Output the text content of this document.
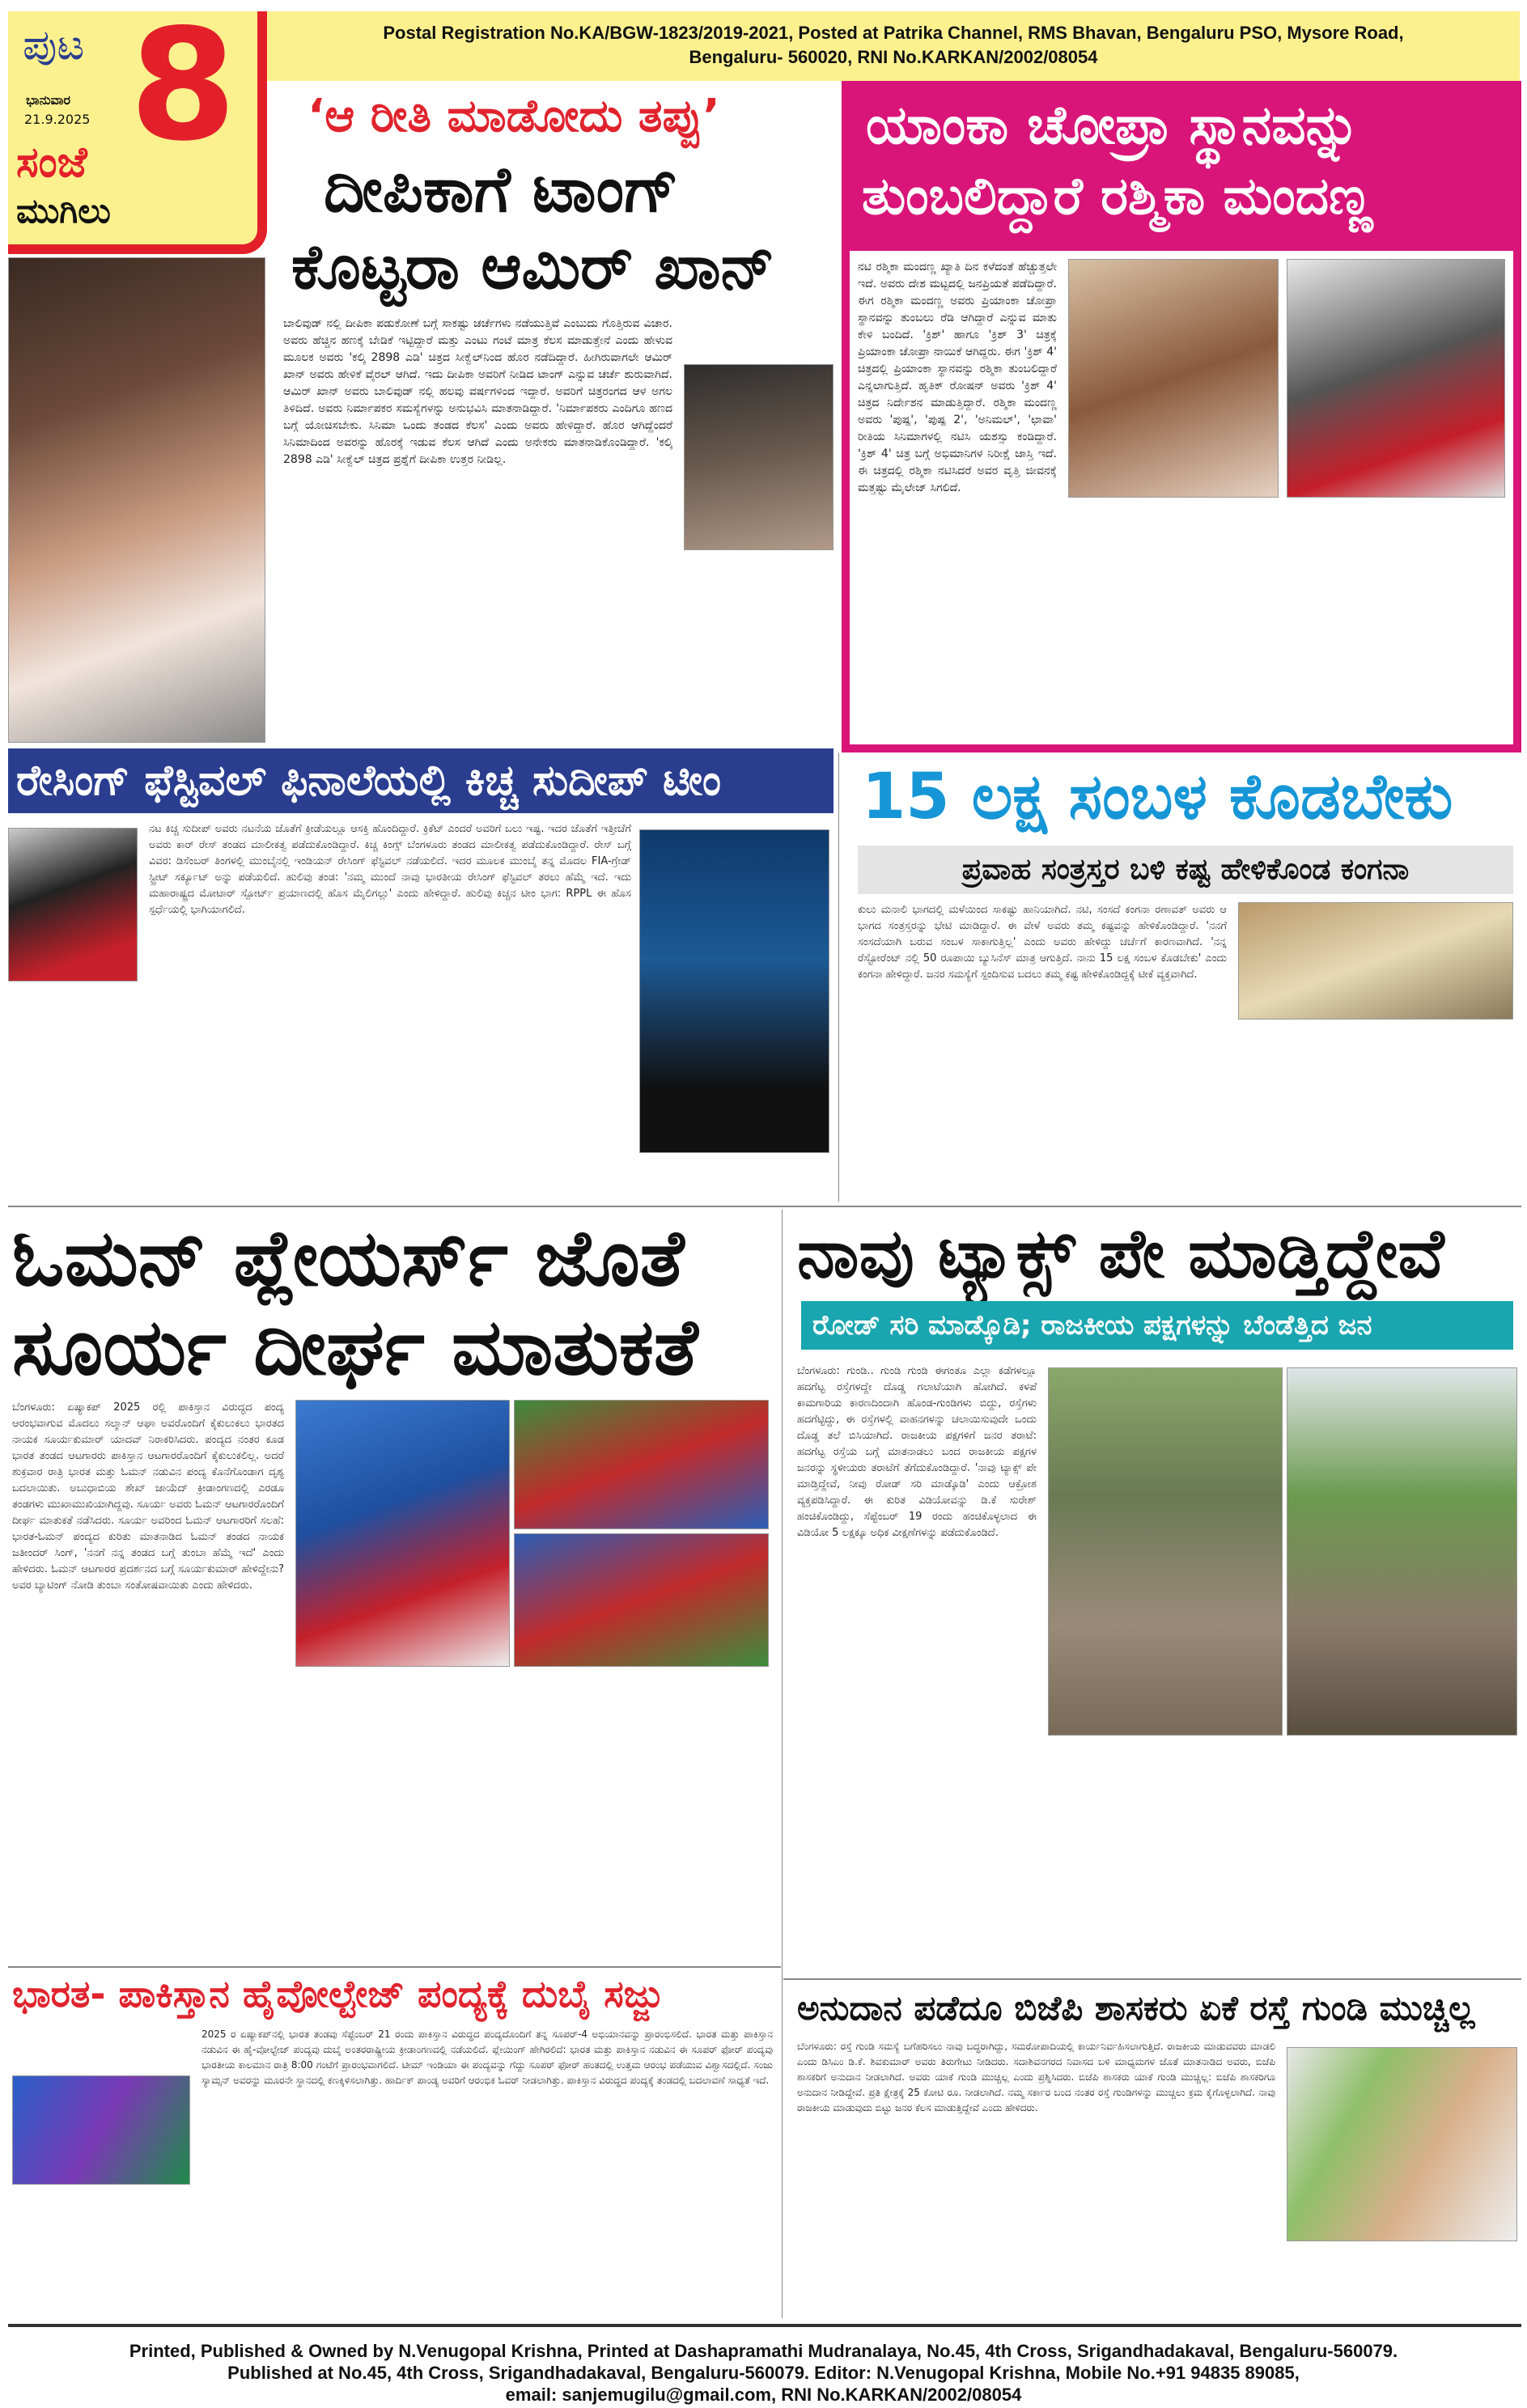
ಪುಟ 8
ಭಾನುವಾರ
21.9.2025
ಸಂಜೆ
ಮುಗಿಲು
Postal Registration No.KA/BGW-1823/2019-2021, Posted at Patrika Channel, RMS Bhavan, Bengaluru PSO, Mysore Road,
Bengaluru- 560020, RNI No.KARKAN/2002/08054
‘ಆ ರೀತಿ ಮಾಡೋದು ತಪ್ಪು’
ದೀಪಿಕಾಗೆ ಟಾಂಗ್
ಕೊಟ್ಟರಾ ಆಮಿರ್ ಖಾನ್
ಬಾಲಿವುಡ್ ನಲ್ಲಿ ದೀಪಿಕಾ ಪಡುಕೋಣೆ ಬಗ್ಗೆ ಸಾಕಷ್ಟು ಚರ್ಚೆಗಳು ನಡೆಯುತ್ತಿವೆ ಎಂಬುದು ಗೊತ್ತಿರುವ ವಿಚಾರ. ಅವರು ಹೆಚ್ಚಿನ ಹಣಕ್ಕೆ ಬೇಡಿಕೆ ಇಟ್ಟಿದ್ದಾರೆ ಮತ್ತು ಎಂಟು ಗಂಟೆ ಮಾತ್ರ ಕೆಲಸ ಮಾಡುತ್ತೇನೆ ಎಂದು ಹೇಳುವ ಮೂಲಕ ಅವರು 'ಕಲ್ಕಿ 2898 ಎಡಿ' ಚಿತ್ರದ ಸೀಕ್ವೆಲ್‌ನಿಂದ ಹೊರ ನಡೆದಿದ್ದಾರೆ. ಹೀಗಿರುವಾಗಲೇ ಆಮಿರ್ ಖಾನ್ ಅವರು ಹೇಳಿಕೆ ವೈರಲ್ ಆಗಿದೆ. ಇದು ದೀಪಿಕಾ ಅವರಿಗೆ ನೀಡಿದ ಟಾಂಗ್ ಎನ್ನುವ ಚರ್ಚೆ ಶುರುವಾಗಿದೆ. ಆಮಿರ್ ಖಾನ್ ಅವರು ಬಾಲಿವುಡ್ ನಲ್ಲಿ ಹಲವು ವರ್ಷಗಳಿಂದ ಇದ್ದಾರೆ. ಅವರಿಗೆ ಚಿತ್ರರಂಗದ ಆಳ ಅಗಲ ತಿಳಿದಿದೆ. ಅವರು ನಿರ್ಮಾಪಕರ ಸಮಸ್ಯೆಗಳನ್ನು ಅನುಭವಿಸಿ ಮಾತನಾಡಿದ್ದಾರೆ. 'ನಿರ್ಮಾಪಕರು ಎಂದಿಗೂ ಹಣದ ಬಗ್ಗೆ ಯೋಚಿಸಬೇಕು. ಸಿನಿಮಾ ಒಂದು ತಂಡದ ಕೆಲಸ' ಎಂದು ಅವರು ಹೇಳಿದ್ದಾರೆ. ಹೊರ ಆಗಿದ್ದೆಂದರೆ ಸಿನಿಮಾದಿಂದ ಅವರನ್ನು ಹೊರಕ್ಕೆ ಇಡುವ ಕೆಲಸ ಆಗಿದೆ ಎಂದು ಅನೇಕರು ಮಾತನಾಡಿಕೊಂಡಿದ್ದಾರೆ. 'ಕಲ್ಕಿ 2898 ಎಡಿ' ಸೀಕ್ವೆಲ್ ಚಿತ್ರದ ಪ್ರಶ್ನೆಗೆ ದೀಪಿಕಾ ಉತ್ತರ ನೀಡಿಲ್ಲ.
ಯಾಂಕಾ ಚೋಪ್ರಾ ಸ್ಥಾನವನ್ನು
ತುಂಬಲಿದ್ದಾರೆ ರಶ್ಮಿಕಾ ಮಂದಣ್ಣ
ನಟಿ ರಶ್ಮಿಕಾ ಮಂದಣ್ಣ ಖ್ಯಾತಿ ದಿನ ಕಳೆದಂತೆ ಹೆಚ್ಚುತ್ತಲೇ ಇದೆ. ಅವರು ದೇಶ ಮಟ್ಟದಲ್ಲಿ ಜನಪ್ರಿಯತೆ ಪಡೆದಿದ್ದಾರೆ. ಈಗ ರಶ್ಮಿಕಾ ಮಂದಣ್ಣ ಅವರು ಪ್ರಿಯಾಂಕಾ ಚೋಪ್ರಾ ಸ್ಥಾನವನ್ನು ತುಂಬಲು ರೆಡಿ ಆಗಿದ್ದಾರೆ ಎನ್ನುವ ಮಾತು ಕೇಳಿ ಬಂದಿದೆ. 'ಕ್ರಿಶ್' ಹಾಗೂ 'ಕ್ರಿಶ್ 3' ಚಿತ್ರಕ್ಕೆ ಪ್ರಿಯಾಂಕಾ ಚೋಪ್ರಾ ನಾಯಿಕೆ ಆಗಿದ್ದರು. ಈಗ 'ಕ್ರಿಶ್ 4' ಚಿತ್ರದಲ್ಲಿ ಪ್ರಿಯಾಂಕಾ ಸ್ಥಾನವನ್ನು ರಶ್ಮಿಕಾ ತುಂಬಲಿದ್ದಾರೆ ಎನ್ನಲಾಗುತ್ತಿದೆ. ಹೃತಿಕ್ ರೋಷನ್ ಅವರು 'ಕ್ರಿಶ್ 4' ಚಿತ್ರದ ನಿರ್ದೇಶನ ಮಾಡುತ್ತಿದ್ದಾರೆ. ರಶ್ಮಿಕಾ ಮಂದಣ್ಣ ಅವರು 'ಪುಷ್ಪ', 'ಪುಷ್ಪ 2', 'ಅನಿಮಲ್', 'ಛಾವಾ' ರೀತಿಯ ಸಿನಿಮಾಗಳಲ್ಲಿ ನಟಿಸಿ ಯಶಸ್ಸು ಕಂಡಿದ್ದಾರೆ. 'ಕ್ರಿಶ್ 4' ಚಿತ್ರ ಬಗ್ಗೆ ಅಭಿಮಾನಿಗಳ ನಿರೀಕ್ಷೆ ಜಾಸ್ತಿ ಇದೆ. ಈ ಚಿತ್ರದಲ್ಲಿ ರಶ್ಮಿಕಾ ನಟಿಸಿದರೆ ಅವರ ವೃತ್ತಿ ಜೀವನಕ್ಕೆ ಮತ್ತಷ್ಟು ಮೈಲೇಜ್ ಸಿಗಲಿದೆ.
ರೇಸಿಂಗ್ ಫೆಸ್ಟಿವಲ್ ಫಿನಾಲೆಯಲ್ಲಿ ಕಿಚ್ಚ ಸುದೀಪ್ ಟೀಂ
ನಟ ಕಿಚ್ಚ ಸುದೀಪ್ ಅವರು ನಟನೆಯ ಜೊತೆಗೆ ಕ್ರೀಡೆಯಲ್ಲೂ ಆಸಕ್ತಿ ಹೊಂದಿದ್ದಾರೆ. ಕ್ರಿಕೆಟ್ ಎಂದರೆ ಅವರಿಗೆ ಬಲು ಇಷ್ಟ. ಇದರ ಜೊತೆಗೆ ಇತ್ತೀಚೆಗೆ ಅವರು ಕಾರ್ ರೇಸ್ ತಂಡದ ಮಾಲೀಕತ್ವ ಪಡೆದುಕೊಂಡಿದ್ದಾರೆ. ಕಿಚ್ಚ ಕಿಂಗ್ಸ್ ಬೆಂಗಳೂರು ತಂಡದ ಮಾಲೀಕತ್ವ ಪಡೆದುಕೊಂಡಿದ್ದಾರೆ. ರೇಸ್ ಬಗ್ಗೆ ವಿವರ: ಡಿಸೆಂಬರ್ ತಿಂಗಳಲ್ಲಿ ಮುಂಬೈನಲ್ಲಿ ಇಂಡಿಯನ್ ರೇಸಿಂಗ್ ಫೆಸ್ಟಿವಲ್ ನಡೆಯಲಿದೆ. ಇದರ ಮೂಲಕ ಮುಂಬೈ ತನ್ನ ಮೊದಲ FIA-ಗ್ರೇಡ್ ಸ್ಟ್ರೀಟ್ ಸರ್ಕ್ಯೂಟ್ ಅನ್ನು ಪಡೆಯಲಿದೆ. ಹುಲಿವು ತಂಡ: 'ನಮ್ಮ ಮುಂದೆ ನಾವು ಭಾರತೀಯ ರೇಸಿಂಗ್ ಫೆಸ್ಟಿವಲ್ ತರಲು ಹೆಮ್ಮೆ ಇದೆ. ಇದು ಮಹಾರಾಷ್ಟ್ರದ ಮೋಟಾರ್ ಸ್ಪೋರ್ಟ್ ಪ್ರಯಾಣದಲ್ಲಿ ಹೊಸ ಮೈಲಿಗಲ್ಲು' ಎಂದು ಹೇಳಿದ್ದಾರೆ. ಹುಲಿವು ಕಿಚ್ಚನ ಟೀಂ ಭಾಗ: RPPL ಈ ಹೊಸ ಸ್ಪರ್ಧೆಯಲ್ಲಿ ಭಾಗಿಯಾಗಲಿದೆ.
15 ಲಕ್ಷ ಸಂಬಳ ಕೊಡಬೇಕು
ಪ್ರವಾಹ ಸಂತ್ರಸ್ತರ ಬಳಿ ಕಷ್ಟ ಹೇಳಿಕೊಂಡ ಕಂಗನಾ
ಕುಲು ಮನಾಲಿ ಭಾಗದಲ್ಲಿ ಮಳೆಯಿಂದ ಸಾಕಷ್ಟು ಹಾನಿಯಾಗಿದೆ. ನಟಿ, ಸಂಸದೆ ಕಂಗನಾ ರಣಾವತ್ ಅವರು ಆ ಭಾಗದ ಸಂತ್ರಸ್ತರನ್ನು ಭೇಟಿ ಮಾಡಿದ್ದಾರೆ. ಈ ವೇಳೆ ಅವರು ತಮ್ಮ ಕಷ್ಟವನ್ನು ಹೇಳಿಕೊಂಡಿದ್ದಾರೆ. 'ನನಗೆ ಸಂಸದೆಯಾಗಿ ಬರುವ ಸಂಬಳ ಸಾಕಾಗುತ್ತಿಲ್ಲ' ಎಂದು ಅವರು ಹೇಳಿದ್ದು ಚರ್ಚೆಗೆ ಕಾರಣವಾಗಿದೆ. 'ನನ್ನ ರೆಸ್ಟೋರೆಂಟ್ ನಲ್ಲಿ 50 ರೂಪಾಯಿ ಬ್ಯುಸಿನೆಸ್ ಮಾತ್ರ ಆಗುತ್ತಿದೆ. ನಾನು 15 ಲಕ್ಷ ಸಂಬಳ ಕೊಡಬೇಕು' ಎಂದು ಕಂಗನಾ ಹೇಳಿದ್ದಾರೆ. ಜನರ ಸಮಸ್ಯೆಗೆ ಸ್ಪಂದಿಸುವ ಬದಲು ತಮ್ಮ ಕಷ್ಟ ಹೇಳಿಕೊಂಡಿದ್ದಕ್ಕೆ ಟೀಕೆ ವ್ಯಕ್ತವಾಗಿದೆ.
ಓಮನ್ ಪ್ಲೇಯರ್ಸ್ ಜೊತೆ
ಸೂರ್ಯ ದೀರ್ಘ ಮಾತುಕತೆ
ಬೆಂಗಳೂರು: ಏಷ್ಯಾಕಪ್ 2025 ರಲ್ಲಿ ಪಾಕಿಸ್ತಾನ ವಿರುದ್ಧದ ಪಂದ್ಯ ಆರಂಭವಾಗುವ ಮೊದಲು ಸಲ್ಮಾನ್ ಆಘಾ ಅವರೊಂದಿಗೆ ಕೈಕುಲುಕಲು ಭಾರತದ ನಾಯಕ ಸೂರ್ಯಕುಮಾರ್ ಯಾದವ್ ನಿರಾಕರಿಸಿದರು. ಪಂದ್ಯದ ನಂತರ ಕೂಡ ಭಾರತ ತಂಡದ ಆಟಗಾರರು ಪಾಕಿಸ್ತಾನ ಆಟಗಾರರೊಂದಿಗೆ ಕೈಕುಲುಕಲಿಲ್ಲ. ಅದರೆ ಶುಕ್ರವಾರ ರಾತ್ರಿ ಭಾರತ ಮತ್ತು ಓಮನ್ ನಡುವಿನ ಪಂದ್ಯ ಕೊನೆಗೊಂಡಾಗ ದೃಶ್ಯ ಬದಲಾಯಿತು. ಅಬುಧಾಬಿಯ ಶೇಖ್ ಜಾಯೆದ್ ಕ್ರೀಡಾಂಗಣದಲ್ಲಿ ಎರಡೂ ತಂಡಗಳು ಮುಖಾಮುಖಿಯಾಗಿದ್ದವು. ಸೂರ್ಯ ಅವರು ಓಮನ್ ಆಟಗಾರರೊಂದಿಗೆ ದೀರ್ಘ ಮಾತುಕತೆ ನಡೆಸಿದರು. ಸೂರ್ಯ ಅವರಿಂದ ಓಮನ್ ಆಟಗಾರರಿಗೆ ಸಲಹೆ: ಭಾರತ-ಓಮನ್ ಪಂದ್ಯದ ಕುರಿತು ಮಾತನಾಡಿದ ಓಮನ್ ತಂಡದ ನಾಯಕ ಜತೀಂದರ್ ಸಿಂಗ್, 'ನನಗೆ ನನ್ನ ತಂಡದ ಬಗ್ಗೆ ತುಂಬಾ ಹೆಮ್ಮೆ ಇದೆ' ಎಂದು ಹೇಳಿದರು. ಓಮನ್ ಆಟಗಾರರ ಪ್ರದರ್ಶನದ ಬಗ್ಗೆ ಸೂರ್ಯಕುಮಾರ್ ಹೇಳಿದ್ದೇನು? ಅವರ ಬ್ಯಾಟಿಂಗ್ ನೋಡಿ ತುಂಬಾ ಸಂತೋಷವಾಯಿತು ಎಂದು ಹೇಳಿದರು.
ನಾವು ಟ್ಯಾಕ್ಸ್ ಪೇ ಮಾಡ್ತಿದ್ದೇವೆ
ರೋಡ್ ಸರಿ ಮಾಡ್ಕೊಡಿ; ರಾಜಕೀಯ ಪಕ್ಷಗಳನ್ನು ಬೆಂಡೆತ್ತಿದ ಜನ
ಬೆಂಗಳೂರು: ಗುಂಡಿ.. ಗುಂಡಿ ಗುಂಡಿ ಈಗಂತೂ ಎಲ್ಲಾ ಕಡೆಗಳಲ್ಲೂ ಹದಗೆಟ್ಟ ರಸ್ತೆಗಳದ್ದೇ ದೊಡ್ಡ ಗಲಾಟೆಯಾಗಿ ಹೋಗಿದೆ. ಕಳಪೆ ಕಾಮಗಾರಿಯ ಕಾರಣದಿಂದಾಗಿ ಹೊಂಡ-ಗುಂಡಿಗಳು ಬಿದ್ದು, ರಸ್ತೆಗಳು ಹದಗೆಟ್ಟಿದ್ದು, ಈ ರಸ್ತೆಗಳಲ್ಲಿ ವಾಹನಗಳನ್ನು ಚಲಾಯಿಸುವುದೇ ಒಂದು ದೊಡ್ಡ ತಲೆ ಬಿಸಿಯಾಗಿದೆ. ರಾಜಕೀಯ ಪಕ್ಷಗಳಿಗೆ ಜನರ ತರಾಟೆ: ಹದಗೆಟ್ಟ ರಸ್ತೆಯ ಬಗ್ಗೆ ಮಾತನಾಡಲು ಬಂದ ರಾಜಕೀಯ ಪಕ್ಷಗಳ ಜನರನ್ನು ಸ್ಥಳೀಯರು ತರಾಟೆಗೆ ತೆಗೆದುಕೊಂಡಿದ್ದಾರೆ. 'ನಾವು ಟ್ಯಾಕ್ಸ್ ಪೇ ಮಾಡ್ತಿದ್ದೇವೆ, ನೀವು ರೋಡ್ ಸರಿ ಮಾಡ್ಕೊಡಿ' ಎಂದು ಆಕ್ರೋಶ ವ್ಯಕ್ತಪಡಿಸಿದ್ದಾರೆ. ಈ ಕುರಿತ ವಿಡಿಯೋವನ್ನು ಡಿ.ಕೆ ಸುರೇಶ್ ಹಂಚಿಕೊಂಡಿದ್ದು, ಸೆಪ್ಟೆಂಬರ್ 19 ರಂದು ಹಂಚಿಕೊಳ್ಳಲಾದ ಈ ವಿಡಿಯೋ 5 ಲಕ್ಷಕ್ಕೂ ಅಧಿಕ ವೀಕ್ಷಣೆಗಳನ್ನು ಪಡೆದುಕೊಂಡಿದೆ.
ಭಾರತ- ಪಾಕಿಸ್ತಾನ ಹೈವೋಲ್ಟೇಜ್ ಪಂದ್ಯಕ್ಕೆ ದುಬೈ ಸಜ್ಜು
2025 ರ ಏಷ್ಯಾಕಪ್‌ನಲ್ಲಿ ಭಾರತ ತಂಡವು ಸೆಪ್ಟೆಂಬರ್ 21 ರಂದು ಪಾಕಿಸ್ತಾನ ವಿರುದ್ಧದ ಪಂದ್ಯದೊಂದಿಗೆ ತನ್ನ ಸೂಪರ್-4 ಅಭಿಯಾನವನ್ನು ಪ್ರಾರಂಭಿಸಲಿದೆ. ಭಾರತ ಮತ್ತು ಪಾಕಿಸ್ತಾನ ನಡುವಿನ ಈ ಹೈ-ವೋಲ್ಟೇಜ್ ಪಂದ್ಯವು ದುಬೈ ಅಂತರರಾಷ್ಟ್ರೀಯ ಕ್ರೀಡಾಂಗಣದಲ್ಲಿ ನಡೆಯಲಿದೆ. ಪ್ಲೇಯಿಂಗ್ ಹೇಗಿರಲಿದೆ: ಭಾರತ ಮತ್ತು ಪಾಕಿಸ್ತಾನ ನಡುವಿನ ಈ ಸೂಪರ್ ಫೋರ್ ಪಂದ್ಯವು ಭಾರತೀಯ ಕಾಲಮಾನ ರಾತ್ರಿ 8:00 ಗಂಟೆಗೆ ಪ್ರಾರಂಭವಾಗಲಿದೆ. ಟೀಮ್ ಇಂಡಿಯಾ ಈ ಪಂದ್ಯವನ್ನು ಗೆದ್ದು ಸೂಪರ್ ಫೋರ್ ಹಂತದಲ್ಲಿ ಉತ್ತಮ ಆರಂಭ ಪಡೆಯುವ ವಿಶ್ವಾಸದಲ್ಲಿದೆ. ಸಂಜು ಸ್ಯಾಮ್ಸನ್ ಅವರನ್ನು ಮೂರನೇ ಸ್ಥಾನದಲ್ಲಿ ಕಣಕ್ಕಿಳಿಸಲಾಗಿತ್ತು. ಹಾರ್ದಿಕ್ ಪಾಂಡ್ಯ ಅವರಿಗೆ ಆರಂಭಿಕ ಓವರ್ ನೀಡಲಾಗಿತ್ತು. ಪಾಕಿಸ್ತಾನ ವಿರುದ್ಧದ ಪಂದ್ಯಕ್ಕೆ ತಂಡದಲ್ಲಿ ಬದಲಾವಣೆ ಸಾಧ್ಯತೆ ಇದೆ.
ಅನುದಾನ ಪಡೆದೂ ಬಿಜೆಪಿ ಶಾಸಕರು ಏಕೆ ರಸ್ತೆ ಗುಂಡಿ ಮುಚ್ಚಿಲ್ಲ
ಬೆಂಗಳೂರು: ರಸ್ತೆ ಗುಂಡಿ ಸಮಸ್ಯೆ ಬಗೆಹರಿಸಲು ನಾವು ಬದ್ಧರಾಗಿದ್ದು, ಸಮರೋಪಾದಿಯಲ್ಲಿ ಕಾರ್ಯನಿರ್ವಹಿಸಲಾಗುತ್ತಿದೆ. ರಾಜಕೀಯ ಮಾಡುವವರು ಮಾಡಲಿ ಎಂದು ಡಿಸಿಎಂ ಡಿ.ಕೆ. ಶಿವಕುಮಾರ್ ಅವರು ತಿರುಗೇಟು ನೀಡಿದರು. ಸದಾಶಿವನಗರದ ನಿವಾಸದ ಬಳಿ ಮಾಧ್ಯಮಗಳ ಜೊತೆ ಮಾತನಾಡಿದ ಅವರು, ಬಿಜೆಪಿ ಶಾಸಕರಿಗೆ ಅನುದಾನ ನೀಡಲಾಗಿದೆ. ಅವರು ಯಾಕೆ ಗುಂಡಿ ಮುಚ್ಚಿಲ್ಲ ಎಂದು ಪ್ರಶ್ನಿಸಿದರು. ಬಿಜೆಪಿ ಶಾಸಕರು ಯಾಕೆ ಗುಂಡಿ ಮುಚ್ಚಿಲ್ಲ: ಬಿಜೆಪಿ ಶಾಸಕರಿಗೂ ಅನುದಾನ ನೀಡಿದ್ದೇವೆ. ಪ್ರತಿ ಕ್ಷೇತ್ರಕ್ಕೆ 25 ಕೋಟಿ ರೂ. ನೀಡಲಾಗಿದೆ. ನಮ್ಮ ಸರ್ಕಾರ ಬಂದ ನಂತರ ರಸ್ತೆ ಗುಂಡಿಗಳನ್ನು ಮುಚ್ಚಲು ಕ್ರಮ ಕೈಗೊಳ್ಳಲಾಗಿದೆ. ನಾವು ರಾಜಕೀಯ ಮಾಡುವುದು ಬಿಟ್ಟು ಜನರ ಕೆಲಸ ಮಾಡುತ್ತಿದ್ದೇವೆ ಎಂದು ಹೇಳಿದರು.
Printed, Published & Owned by N.Venugopal Krishna, Printed at Dashapramathi Mudranalaya, No.45, 4th Cross, Srigandhadakaval, Bengaluru-560079.
Published at No.45, 4th Cross, Srigandhadakaval, Bengaluru-560079. Editor: N.Venugopal Krishna, Mobile No.+91 94835 89085,
email: sanjemugilu@gmail.com, RNI No.KARKAN/2002/08054
